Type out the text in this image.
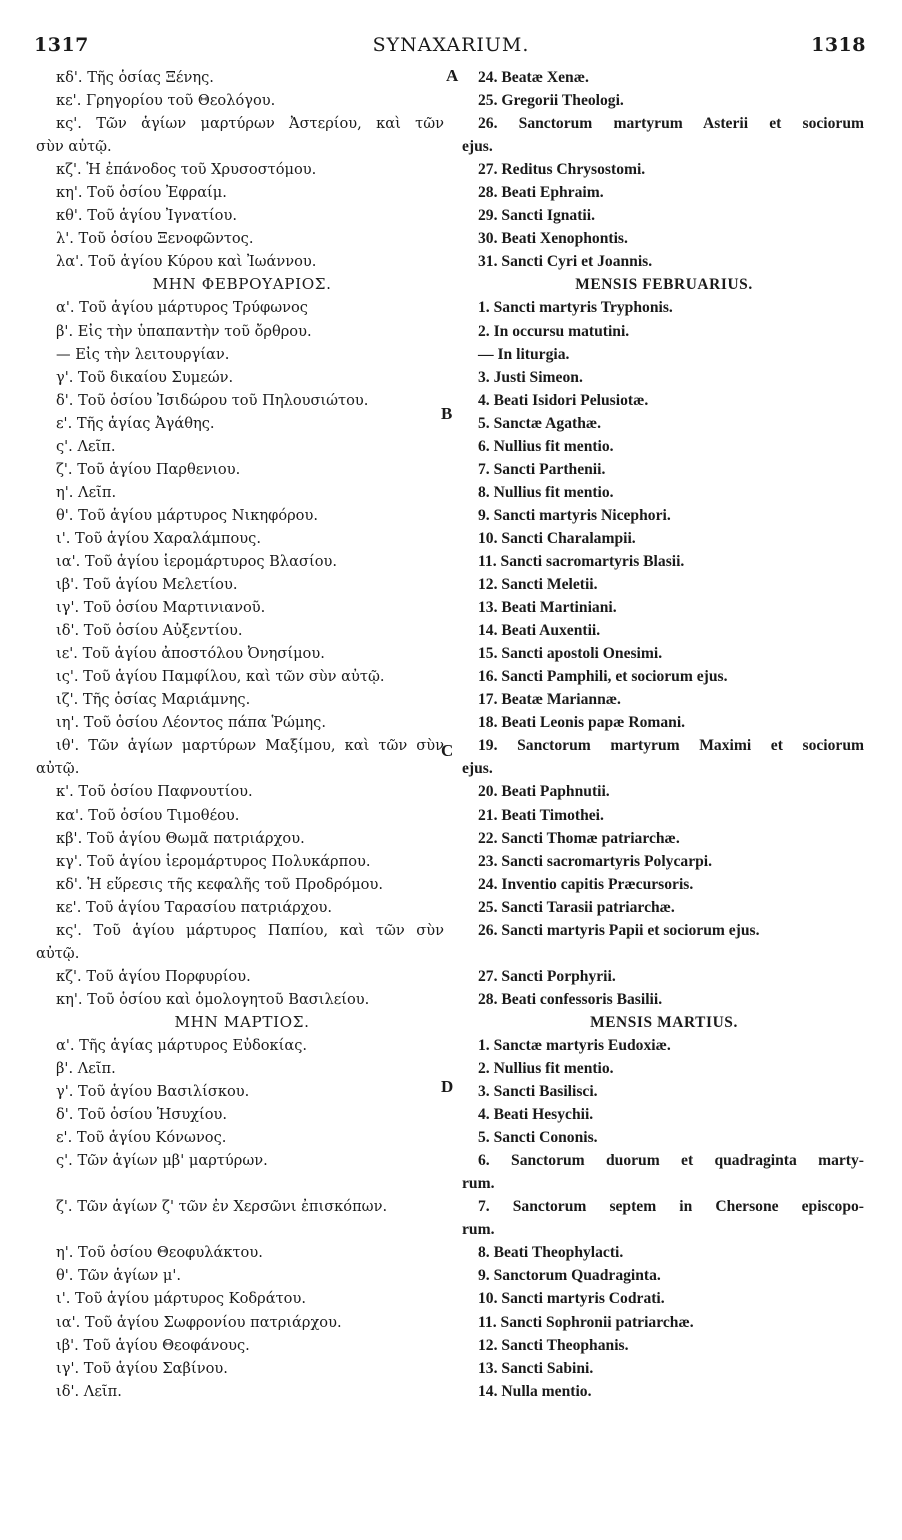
1317	SYNAXARIUM.	1318
κδ'. Τῆς ὁσίας Ξένης.
κε'. Γρηγορίου τοῦ Θεολόγου.
κς'. Τῶν ἁγίων μαρτύρων Ἀστερίου, καὶ τῶν
σὺν αὐτῷ.
κζ'. Ἡ ἐπάνοδος τοῦ Χρυσοστόμου.
κη'. Τοῦ ὁσίου Ἐφραίμ.
κθ'. Τοῦ ἁγίου Ἰγνατίου.
λ'. Τοῦ ὁσίου Ξενοφῶντος.
λα'. Τοῦ ἁγίου Κύρου καὶ Ἰωάννου.
ΜΗΝ ΦΕΒΡΟΥΑΡΙΟΣ.
α'. Τοῦ ἁγίου μάρτυρος Τρύφωνος
β'. Εἰς τὴν ὑπαπαντὴν τοῦ ὄρθρου.
— Εἰς τὴν λειτουργίαν.
γ'. Τοῦ δικαίου Συμεών.
δ'. Τοῦ ὁσίου Ἰσιδώρου τοῦ Πηλουσιώτου.
ε'. Τῆς ἁγίας Ἀγάθης.
ς'. Λεῖπ.
ζ'. Τοῦ ἁγίου Παρθενιου.
η'. Λεῖπ.
θ'. Τοῦ ἁγίου μάρτυρος Νικηφόρου.
ι'. Τοῦ ἁγίου Χαραλάμπους.
ια'. Τοῦ ἁγίου ἱερομάρτυρος Βλασίου.
ιβ'. Τοῦ ἁγίου Μελετίου.
ιγ'. Τοῦ ὁσίου Μαρτινιανοῦ.
ιδ'. Τοῦ ὁσίου Αὐξεντίου.
ιε'. Τοῦ ἁγίου ἀποστόλου Ὀνησίμου.
ις'. Τοῦ ἁγίου Παμφίλου, καὶ τῶν σὺν αὐτῷ.
ιζ'. Τῆς ὁσίας Μαριάμνης.
ιη'. Τοῦ ὁσίου Λέοντος πάπα Ῥώμης.
ιθ'. Τῶν ἁγίων μαρτύρων Μαξίμου, καὶ τῶν σὺν
αὐτῷ.
κ'. Τοῦ ὁσίου Παφνουτίου.
κα'. Τοῦ ὁσίου Τιμοθέου.
κβ'. Τοῦ ἁγίου Θωμᾶ πατριάρχου.
κγ'. Τοῦ ἁγίου ἱερομάρτυρος Πολυκάρπου.
κδ'. Ἡ εὕρεσις τῆς κεφαλῆς τοῦ Προδρόμου.
κε'. Τοῦ ἁγίου Ταρασίου πατριάρχου.
κς'. Τοῦ ἁγίου μάρτυρος Παπίου, καὶ τῶν σὺν
αὐτῷ.
κζ'. Τοῦ ἁγίου Πορφυρίου.
κη'. Τοῦ ὁσίου καὶ ὁμολογητοῦ Βασιλείου.
ΜΗΝ ΜΑΡΤΙΟΣ.
α'. Τῆς ἁγίας μάρτυρος Εὐδοκίας.
β'. Λεῖπ.
γ'. Τοῦ ἁγίου Βασιλίσκου.
δ'. Τοῦ ὁσίου Ἡσυχίου.
ε'. Τοῦ ἁγίου Κόνωνος.
ς'. Τῶν ἁγίων μβ' μαρτύρων.
ζ'. Τῶν ἁγίων ζ' τῶν ἐν Χερσῶνι ἐπισκόπων.
η'. Τοῦ ὁσίου Θεοφυλάκτου.
θ'. Τῶν ἁγίων μ'.
ι'. Τοῦ ἁγίου μάρτυρος Κοδράτου.
ια'. Τοῦ ἁγίου Σωφρονίου πατριάρχου.
ιβ'. Τοῦ ἁγίου Θεοφάνους.
ιγ'. Τοῦ ἁγίου Σαβίνου.
ιδ'. Λεῖπ.
24. Beatæ Xenæ.
25. Gregorii Theologi.
26. Sanctorum martyrum Asterii et sociorum
ejus.
27. Reditus Chrysostomi.
28. Beati Ephraim.
29. Sancti Ignatii.
30. Beati Xenophontis.
31. Sancti Cyri et Joannis.
MENSIS FEBRUARIUS.
1. Sancti martyris Tryphonis.
2. In occursu matutini.
— In liturgia.
3. Justi Simeon.
4. Beati Isidori Pelusiotæ.
5. Sanctæ Agathæ.
6. Nullius fit mentio.
7. Sancti Parthenii.
8. Nullius fit mentio.
9. Sancti martyris Nicephori.
10. Sancti Charalampii.
11. Sancti sacromartyris Blasii.
12. Sancti Meletii.
13. Beati Martiniani.
14. Beati Auxentii.
15. Sancti apostoli Onesimi.
16. Sancti Pamphili, et sociorum ejus.
17. Beatæ Mariannæ.
18. Beati Leonis papæ Romani.
19. Sanctorum martyrum Maximi et sociorum
ejus.
20. Beati Paphnutii.
21. Beati Timothei.
22. Sancti Thomæ patriarchæ.
23. Sancti sacromartyris Polycarpi.
24. Inventio capitis Præcursoris.
25. Sancti Tarasii patriarchæ.
26. Sancti martyris Papii et sociorum ejus.
27. Sancti Porphyrii.
28. Beati confessoris Basilii.
MENSIS MARTIUS.
1. Sanctæ martyris Eudoxiæ.
2. Nullius fit mentio.
3. Sancti Basilisci.
4. Beati Hesychii.
5. Sancti Cononis.
6. Sanctorum duorum et quadraginta marty-
rum.
7. Sanctorum septem in Chersone episcopo-
rum.
8. Beati Theophylacti.
9. Sanctorum Quadraginta.
10. Sancti martyris Codrati.
11. Sancti Sophronii patriarchæ.
12. Sancti Theophanis.
13. Sancti Sabini.
14. Nulla mentio.
A
B
C
D
